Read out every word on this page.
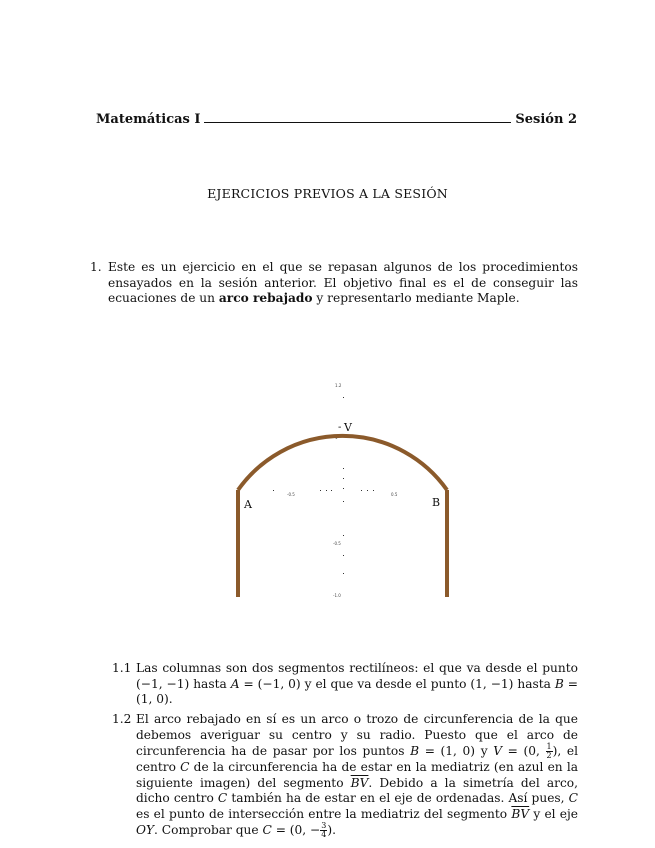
Matemáticas I	Sesión 2
EJERCICIOS PREVIOS A LA SESIÓN
1. Este es un ejercicio en el que se repasan algunos de los procedimientos ensayados en la sesión anterior. El objetivo final es el de conseguir las ecuaciones de un arco rebajado y representarlo mediante Maple.
1.2
1
-0.5
-1.0
-0.5	0.5
- V
A	B
1.1 Las columnas son dos segmentos rectilíneos: el que va desde el punto (−1, −1) hasta A = (−1, 0) y el que va desde el punto (1, −1) hasta B = (1, 0).
1.2 El arco rebajado en sí es un arco o trozo de circunferencia de la que debemos averiguar su centro y su radio. Puesto que el arco de circunferencia ha de pasar por los puntos B = (1, 0) y V = (0, $\frac{1}{2}$ ), el centro C de la circunferencia ha de estar en la mediatriz (en azul en la siguiente imagen) del segmento $\overline{BV}$. Debido a la simetría del arco, dicho centro C también ha de estar en el eje de ordenadas. Así pues, C es el punto de intersección entre la mediatriz del segmento $\overline{BV}$ y el eje OY. Comprobar que C = (0, − $\frac{3}{4}$ ).
